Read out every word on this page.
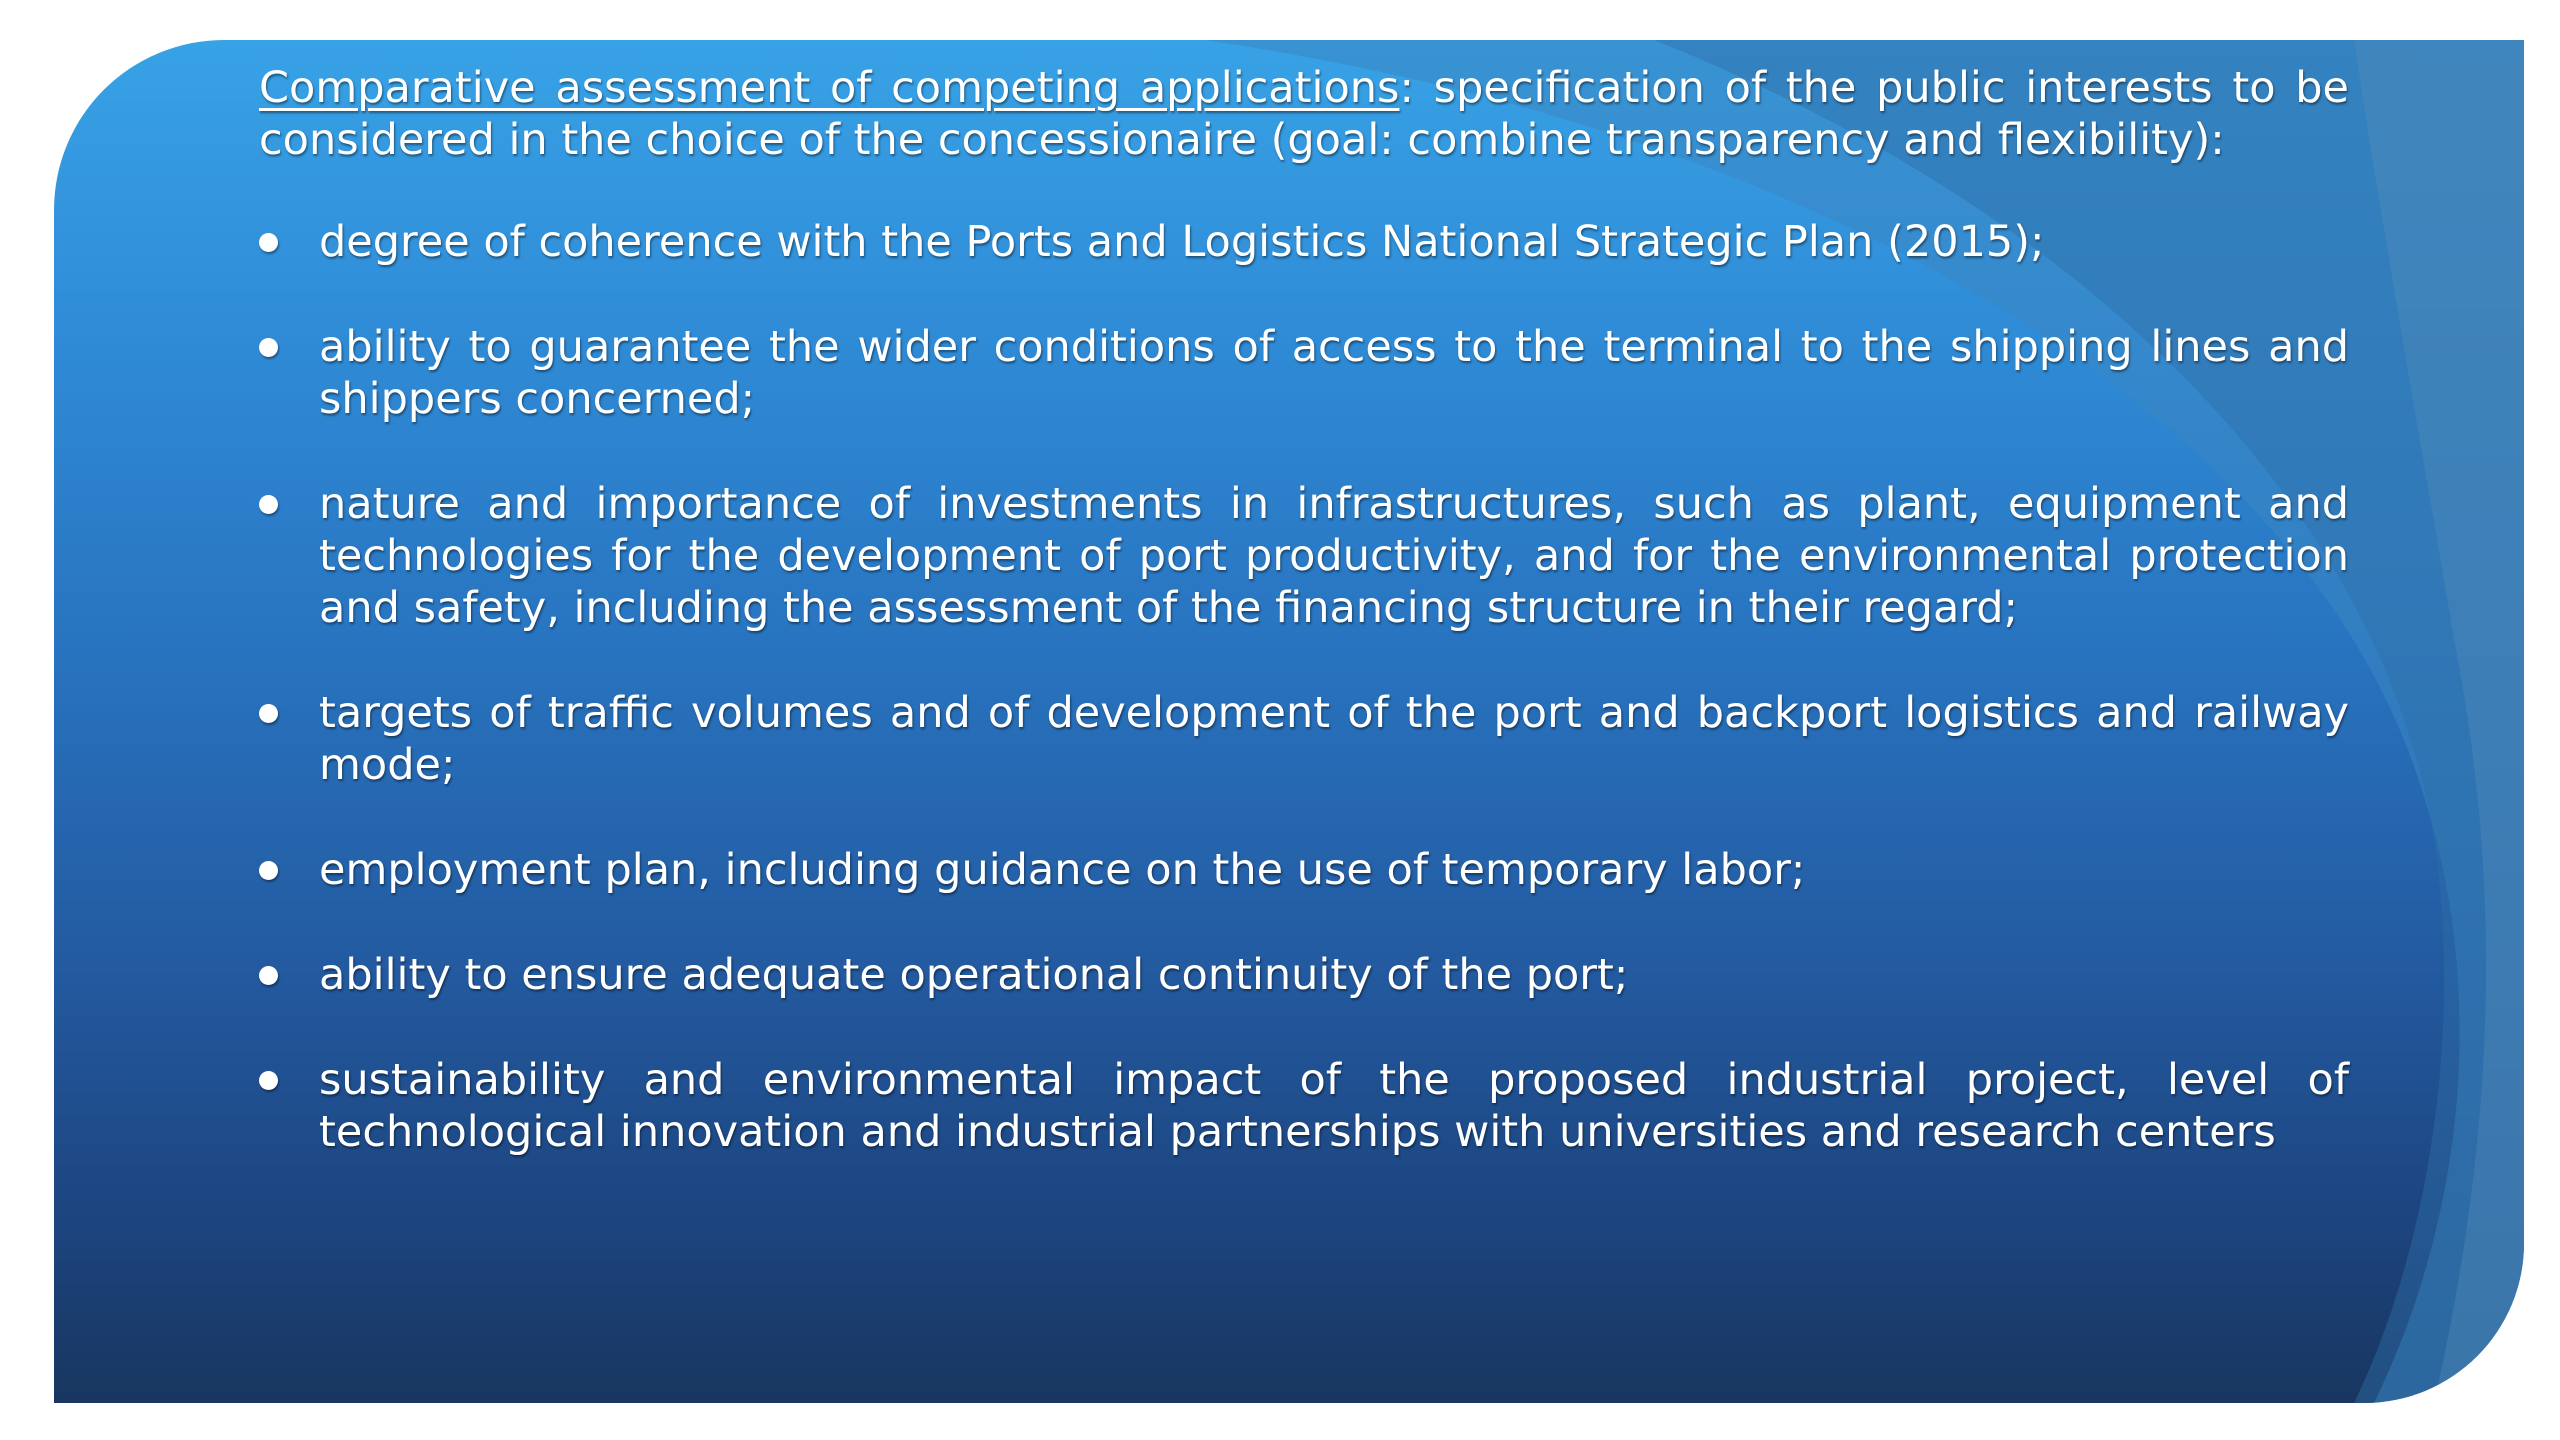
Comparative assessment of competing applications: specification of the public interests to be considered in the choice of the concessionaire (goal: combine transparency and flexibility):

degree of coherence with the Ports and Logistics National Strategic Plan (2015);
ability to guarantee the wider conditions of access to the terminal to the shipping lines and shippers concerned;
nature and importance of investments in infrastructures, such as plant, equipment and technologies for the development of port productivity, and for the environmental protection and safety, including the assessment of the financing structure in their regard;
targets of traffic volumes and of development of the port and backport logistics and railway mode;
employment plan, including guidance on the use of temporary labor;
ability to ensure adequate operational continuity of the port;
sustainability and environmental impact of the proposed industrial project, level of technological innovation and industrial partnerships with universities and research centers
